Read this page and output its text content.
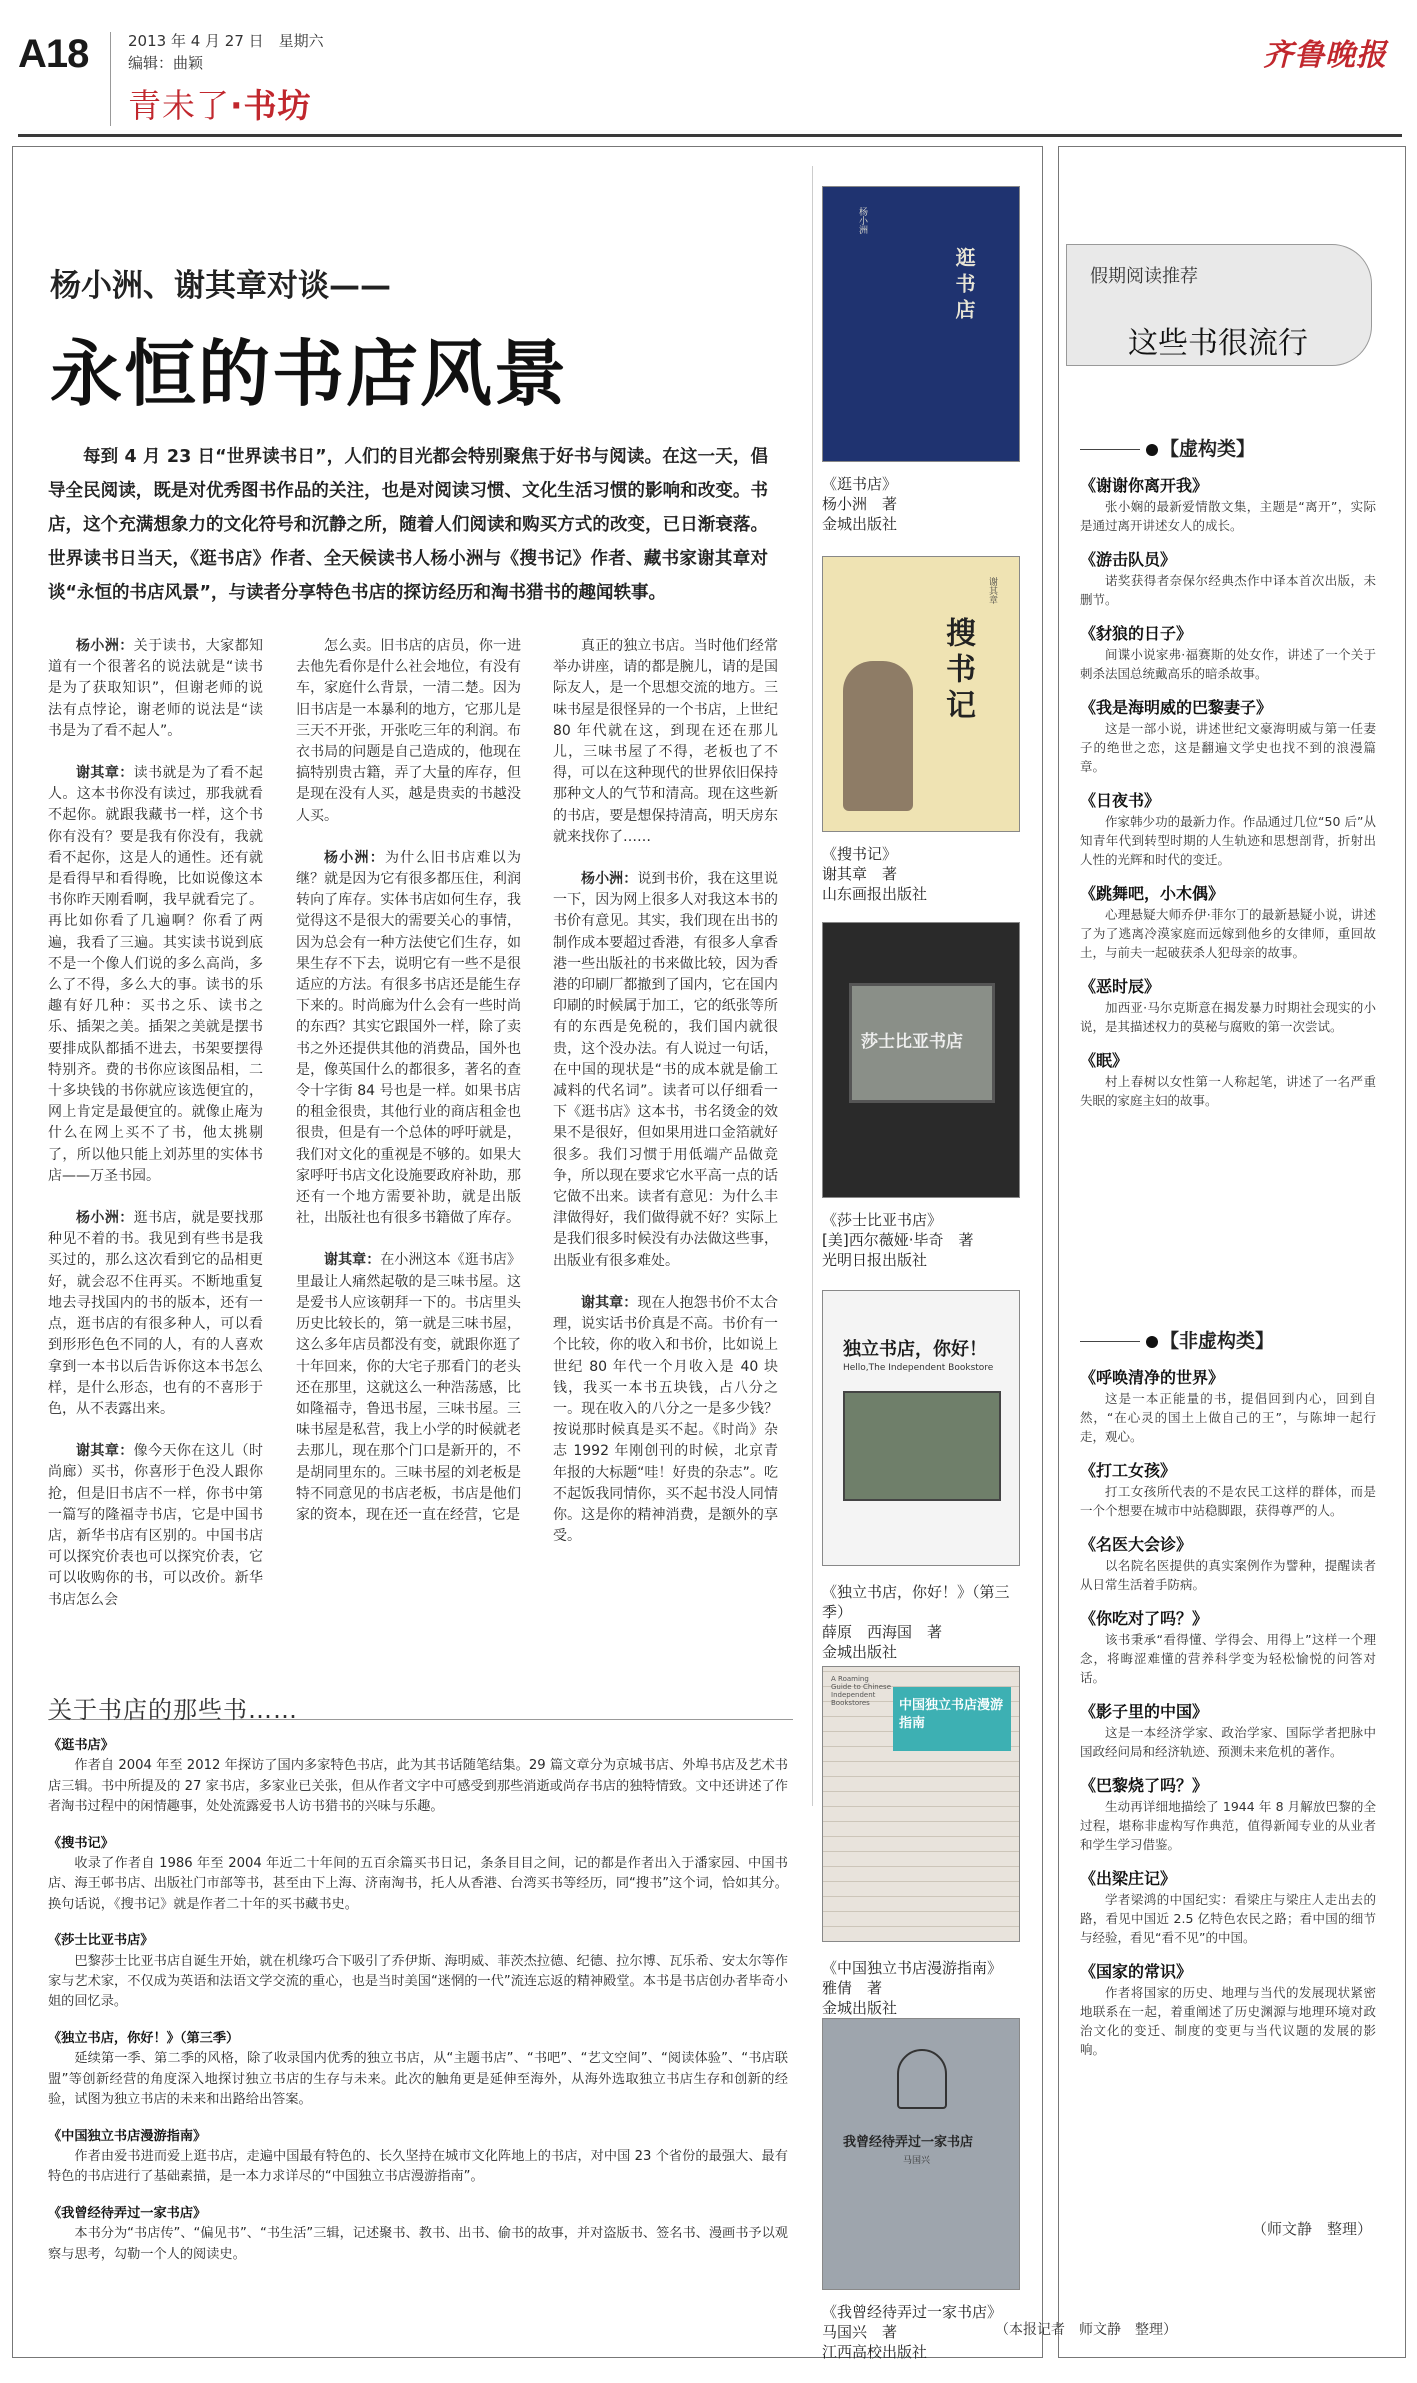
A18	2013 年 4 月 27 日　星期六
编辑：曲颖
青未了·书坊
齐鲁晚报
杨小洲、谢其章对谈——
永恒的书店风景
每到 4 月 23 日“世界读书日”，人们的目光都会特别聚焦于好书与阅读。在这一天，倡导全民阅读，既是对优秀图书作品的关注，也是对阅读习惯、文化生活习惯的影响和改变。书店，这个充满想象力的文化符号和沉静之所，随着人们阅读和购买方式的改变，已日渐衰落。世界读书日当天，《逛书店》作者、全天候读书人杨小洲与《搜书记》作者、藏书家谢其章对谈“永恒的书店风景”，与读者分享特色书店的探访经历和淘书猎书的趣闻轶事。

杨小洲：关于读书，大家都知道有一个很著名的说法就是“读书是为了获取知识”，但谢老师的说法有点悖论，谢老师的说法是“读书是为了看不起人”。

谢其章：读书就是为了看不起人。这本书你没有读过，那我就看不起你。就跟我藏书一样，这个书你有没有？要是我有你没有，我就看不起你，这是人的通性。还有就是看得早和看得晚，比如说像这本书你昨天刚看啊，我早就看完了。再比如你看了几遍啊？你看了两遍，我看了三遍。其实读书说到底不是一个像人们说的多么高尚，多么了不得，多么大的事。读书的乐趣有好几种：买书之乐、读书之乐、插架之美。插架之美就是摆书要排成队都插不进去，书架要摆得特别齐。费的书你应该图品相，二十多块钱的书你就应该选便宜的，网上肯定是最便宜的。就像止庵为什么在网上买不了书，他太挑剔了，所以他只能上刘苏里的实体书店——万圣书园。

杨小洲：逛书店，就是要找那种见不着的书。我见到有些书是我买过的，那么这次看到它的品相更好，就会忍不住再买。不断地重复地去寻找国内的书的版本，还有一点，逛书店的有很多种人，可以看到形形色色不同的人，有的人喜欢拿到一本书以后告诉你这本书怎么样，是什么形态，也有的不喜形于色，从不表露出来。

谢其章：像今天你在这儿（时尚廊）买书，你喜形于色没人跟你抢，但是旧书店不一样，你书中第一篇写的隆福寺书店，它是中国书店，新华书店有区别的。中国书店可以探究价表也可以探究价表，它可以收购你的书，可以改价。新华书店怎么会

怎么卖。旧书店的店员，你一进去他先看你是什么社会地位，有没有车，家庭什么背景，一清二楚。因为旧书店是一本暴利的地方，它那儿是三天不开张，开张吃三年的利润。布衣书局的问题是自己造成的，他现在搞特别贵古籍，弄了大量的库存，但是现在没有人买，越是贵卖的书越没人买。

杨小洲：为什么旧书店难以为继？就是因为它有很多都压住，利润转向了库存。实体书店如何生存，我觉得这不是很大的需要关心的事情，因为总会有一种方法使它们生存，如果生存不下去，说明它有一些不是很适应的方法。有很多书店还是能生存下来的。时尚廊为什么会有一些时尚的东西？其实它跟国外一样，除了卖书之外还提供其他的消费品，国外也是，像英国什么的都很多，著名的查令十字街 84 号也是一样。如果书店的租金很贵，其他行业的商店租金也很贵，但是有一个总体的呼吁就是，我们对文化的重视是不够的。如果大家呼吁书店文化设施要政府补助，那还有一个地方需要补助，就是出版社，出版社也有很多书籍做了库存。

谢其章：在小洲这本《逛书店》里最让人痛然起敬的是三味书屋。这是爱书人应该朝拜一下的。书店里头历史比较长的，第一就是三味书屋，这么多年店员都没有变，就跟你逛了十年回来，你的大宅子那看门的老头还在那里，这就这么一种浩荡感，比如隆福寺，鲁迅书屋，三味书屋。三味书屋是私营，我上小学的时候就老去那儿，现在那个门口是新开的，不是胡同里东的。三味书屋的刘老板是特不同意见的书店老板，书店是他们家的资本，现在还一直在经营，它是

真正的独立书店。当时他们经常举办讲座，请的都是腕儿，请的是国际友人，是一个思想交流的地方。三味书屋是很怪异的一个书店，上世纪 80 年代就在这，到现在还在那儿儿，三味书屋了不得，老板也了不得，可以在这种现代的世界依旧保持那种文人的气节和清高。现在这些新的书店，要是想保持清高，明天房东就来找你了……

杨小洲：说到书价，我在这里说一下，因为网上很多人对我这本书的书价有意见。其实，我们现在出书的制作成本要超过香港，有很多人拿香港一些出版社的书来做比较，因为香港的印刷厂都撤到了国内，它在国内印刷的时候属于加工，它的纸张等所有的东西是免税的，我们国内就很贵，这个没办法。有人说过一句话，在中国的现状是“书的成本就是偷工减料的代名词”。读者可以仔细看一下《逛书店》这本书，书名烫金的效果不是很好，但如果用进口金箔就好很多。我们习惯于用低端产品做竞争，所以现在要求它水平高一点的话它做不出来。读者有意见：为什么丰津做得好，我们做得就不好？实际上是我们很多时候没有办法做这些事，出版业有很多难处。

谢其章：现在人抱怨书价不太合理，说实话书价真是不高。书价有一个比较，你的收入和书价，比如说上世纪 80 年代一个月收入是 40 块钱，我买一本书五块钱，占八分之一。现在收入的八分之一是多少钱？按说那时候真是买不起。《时尚》杂志 1992 年刚创刊的时候，北京青年报的大标题“哇！好贵的杂志”。吃不起饭我同情你，买不起书没人同情你。这是你的精神消费，是额外的享受。

关于书店的那些书……
《逛书店》
作者自 2004 年至 2012 年探访了国内多家特色书店，此为其书话随笔结集。29 篇文章分为京城书店、外埠书店及艺术书店三辑。书中所提及的 27 家书店，多家业已关张，但从作者文字中可感受到那些消逝或尚存书店的独特情致。文中还讲述了作者淘书过程中的闲情趣事，处处流露爱书人访书猎书的兴味与乐趣。
《搜书记》
收录了作者自 1986 年至 2004 年近二十年间的五百余篇买书日记，条条目目之间，记的都是作者出入于潘家园、中国书店、海王邨书店、出版社门市部等书，甚至由下上海、济南淘书，托人从香港、台湾买书等经历，同“搜书”这个词，恰如其分。换句话说，《搜书记》就是作者二十年的买书藏书史。
《莎士比亚书店》
巴黎莎士比亚书店自诞生开始，就在机缘巧合下吸引了乔伊斯、海明威、菲茨杰拉德、纪德、拉尔博、瓦乐希、安太尔等作家与艺术家，不仅成为英语和法语文学交流的重心，也是当时美国“迷惘的一代”流连忘返的精神殿堂。本书是书店创办者毕奇小姐的回忆录。
《独立书店，你好！》（第三季）
延续第一季、第二季的风格，除了收录国内优秀的独立书店，从“主题书店”、“书吧”、“艺文空间”、“阅读体验”、“书店联盟”等创新经营的角度深入地探讨独立书店的生存与未来。此次的触角更是延伸至海外，从海外选取独立书店生存和创新的经验，试图为独立书店的未来和出路给出答案。
《中国独立书店漫游指南》
作者由爱书进而爱上逛书店，走遍中国最有特色的、长久坚持在城市文化阵地上的书店，对中国 23 个省份的最强大、最有特色的书店进行了基础素描，是一本力求详尽的“中国独立书店漫游指南”。
《我曾经待弄过一家书店》
本书分为“书店传”、“偏见书”、“书生活”三辑，记述聚书、教书、出书、偷书的故事，并对盗版书、签名书、漫画书予以观察与思考，勾勒一个人的阅读史。
（本报记者　师文静　整理）
逛书店
杨小洲
《逛书店》
杨小洲　著
金城出版社
搜书记
谢其章
《搜书记》
谢其章　著
山东画报出版社
莎士比亚书店
《莎士比亚书店》
[美]西尔薇娅·毕奇　著
光明日报出版社
独立书店，你好！
Hello,The Independent Bookstore
《独立书店，你好！》（第三季）
薛原　西海国　著
金城出版社
中国独立书店漫游指南
A Roaming Guide to Chinese Independent Bookstores
《中国独立书店漫游指南》
雅倩　著
金城出版社
我曾经待弄过一家书店
马国兴
《我曾经待弄过一家书店》
马国兴　著
江西高校出版社
假期阅读推荐
这些书很流行
【虚构类】
《谢谢你离开我》
张小娴的最新爱情散文集，主题是“离开”，实际是通过离开讲述女人的成长。
《游击队员》
诺奖获得者奈保尔经典杰作中译本首次出版，未删节。
《豺狼的日子》
间谍小说家弗·福赛斯的处女作，讲述了一个关于刺杀法国总统戴高乐的暗杀故事。
《我是海明威的巴黎妻子》
这是一部小说，讲述世纪文豪海明威与第一任妻子的绝世之恋，这是翻遍文学史也找不到的浪漫篇章。
《日夜书》
作家韩少功的最新力作。作品通过几位“50 后”从知青年代到转型时期的人生轨迹和思想剖背，折射出人性的光辉和时代的变迁。
《跳舞吧，小木偶》
心理悬疑大师乔伊·菲尔丁的最新悬疑小说，讲述了为了逃离冷漠家庭而远嫁到他乡的女律师，重回故土，与前夫一起破获杀人犯母亲的故事。
《恶时辰》
加西亚·马尔克斯意在揭发暴力时期社会现实的小说，是其描述权力的莫秘与腐败的第一次尝试。
《眠》
村上春树以女性第一人称起笔，讲述了一名严重失眠的家庭主妇的故事。
【非虚构类】
《呼唤清净的世界》
这是一本正能量的书，提倡回到内心，回到自然，“在心灵的国土上做自己的王”，与陈坤一起行走，观心。
《打工女孩》
打工女孩所代表的不是农民工这样的群体，而是一个个想要在城市中站稳脚跟，获得尊严的人。
《名医大会诊》
以名院名医提供的真实案例作为譬种，提醒读者从日常生活着手防病。
《你吃对了吗？》
该书秉承“看得懂、学得会、用得上”这样一个理念，将晦涩难懂的营养科学变为轻松愉悦的问答对话。
《影子里的中国》
这是一本经济学家、政治学家、国际学者把脉中国政经问局和经济轨迹、预测未来危机的著作。
《巴黎烧了吗？》
生动再详细地描绘了 1944 年 8 月解放巴黎的全过程，堪称非虚构写作典范，值得新闻专业的从业者和学生学习借鉴。
《出梁庄记》
学者梁鸿的中国纪实：看梁庄与梁庄人走出去的路，看见中国近 2.5 亿特色农民之路；看中国的细节与经验，看见“看不见”的中国。
《国家的常识》
作者将国家的历史、地理与当代的发展现状紧密地联系在一起，着重阐述了历史渊源与地理环境对政治文化的变迁、制度的变更与当代议题的发展的影响。
（师文静　整理）
